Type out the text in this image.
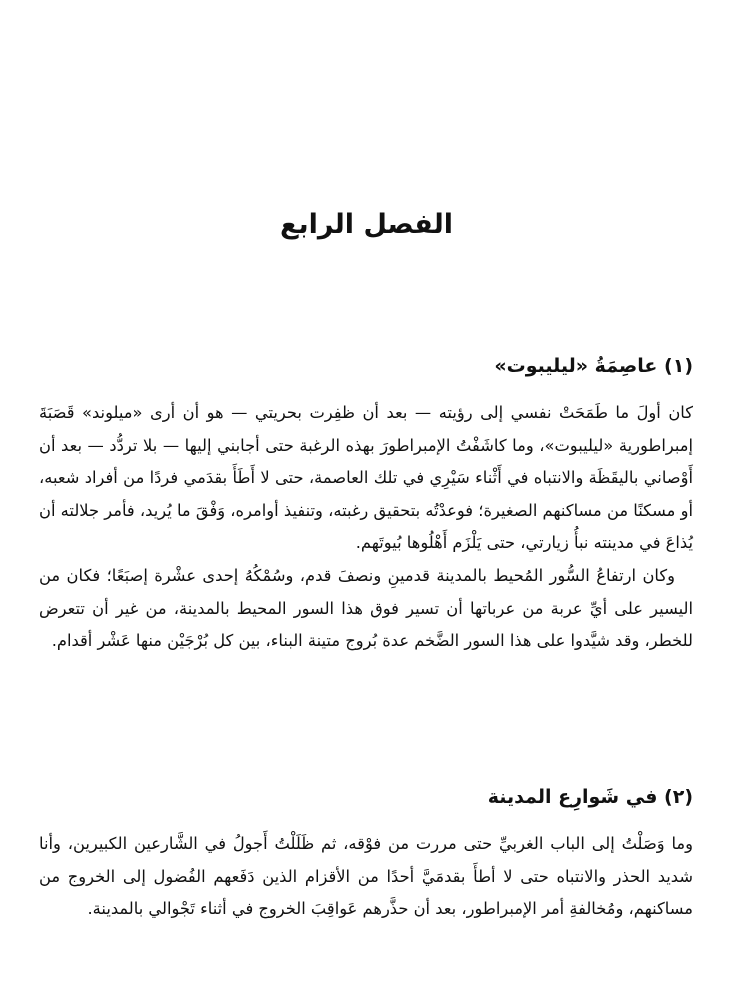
الفصل الرابع
(١) عاصِمَةُ «ليليبوت»

كان أولَ ما طَمَحَتْ نفسي إلى رؤيته — بعد أن ظفِرت بحريتي — هو أن أرى «ميلوند» قَصَبَةَ إمبراطورية «ليليبوت»، وما كاشَفْتُ الإمبراطورَ بهذه الرغبة حتى أجابني إليها — بلا تردُّد — بعد أن أَوْصاني باليقَظَة والانتباه في أَثْناء سَيْرِي في تلك العاصمة، حتى لا أَطَأَ بقدَمي فردًا من أفراد شعبه، أو مسكنًا من مساكنهم الصغيرة؛ فوعدْتُه بتحقيق رغبته، وتنفيذ أوامره، وَفْقَ ما يُريد، فأمر جلالته أن يُذاعَ في مدينته نبأُ زيارتي، حتى يَلْزَم أَهْلُوها بُيوتَهم.

وكان ارتفاعُ السُّور المُحيط بالمدينة قدمينِ ونصفَ قدم، وسُمْكُهُ إحدى عشْرة إصبَعًا؛ فكان من اليسير على أيِّ عربة من عرباتها أن تسير فوق هذا السور المحيط بالمدينة، من غير أن تتعرض للخطر، وقد شيَّدوا على هذا السور الضَّخم عدة بُروج متينة البناء، بين كل بُرْجَيْن منها عَشْر أقدام.

(٢) في شَوارِع المدينة

وما وَصَلْتُ إلى الباب الغربيِّ حتى مررت من فوْقه، ثم ظَلَلْتُ أَجولُ في الشَّارعين الكبيرين، وأنا شديد الحذر والانتباه حتى لا أطأَ بقدمَيَّ أحدًا من الأقزام الذين دَفَعهم الفُضول إلى الخروج من مساكنهم، ومُخالفةِ أمر الإمبراطور، بعد أن حذَّرهم عَواقِبَ الخروج في أثناء تَجْوالي بالمدينة.
